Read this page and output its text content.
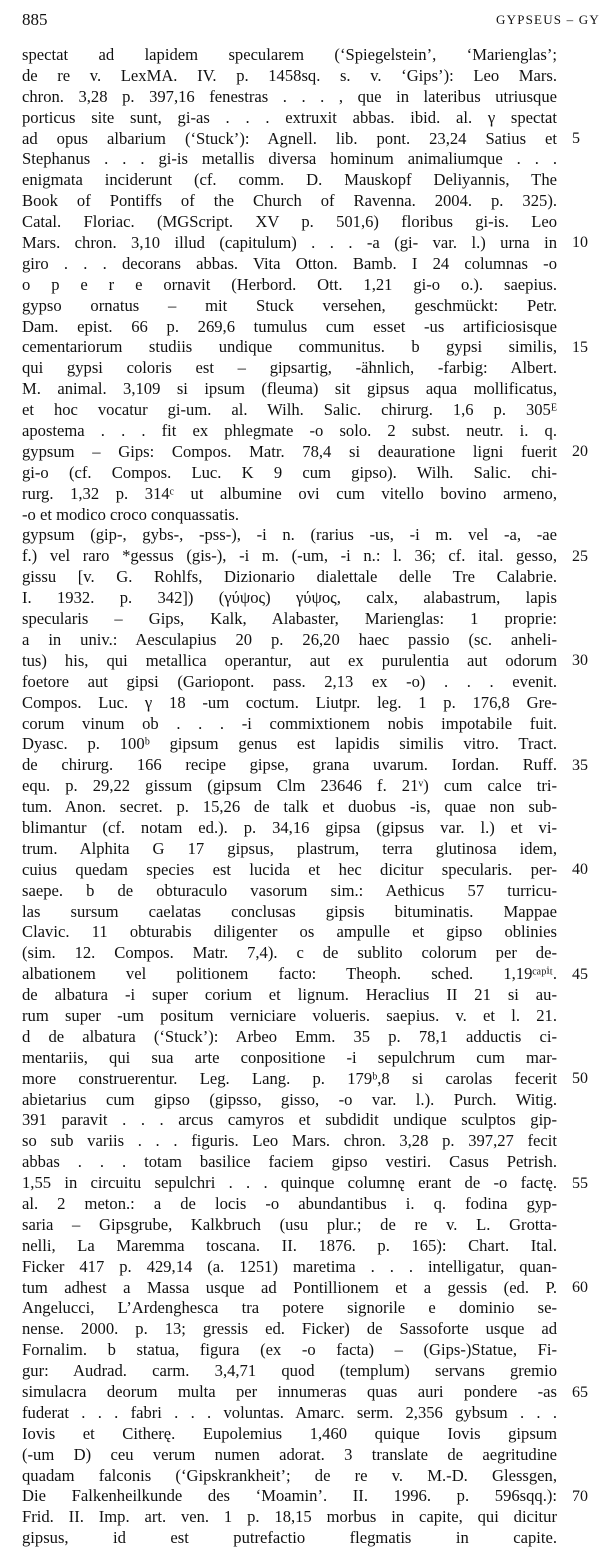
885	GYPSEUS – GY
spectat ad lapidem specularem (‘Spiegelstein’, ‘Marienglas’;
de re v. LexMA. IV. p. 1458sq. s. v. ‘Gips’): Leo Mars.
chron. 3,28 p. 397,16 fenestras . . . , que in lateribus utriusque
porticus site sunt, gi-as . . . extruxit abbas. ibid. al. γ spectat
ad opus albarium (‘Stuck’): Agnell. lib. pont. 23,24 Satius et
Stephanus . . . gi-is metallis diversa hominum animaliumque . . .
enigmata inciderunt (cf. comm. D. Mauskopf Deliyannis, The
Book of Pontiffs of the Church of Ravenna. 2004. p. 325).
Catal. Floriac. (MGScript. XV p. 501,6) floribus gi-is. Leo
Mars. chron. 3,10 illud (capitulum) . . . -a (gi- var. l.) urna in
giro . . . decorans abbas. Vita Otton. Bamb. I 24 columnas -o
o p e r e ornavit (Herbord. Ott. 1,21 gi-o o.). saepius.
gypso ornatus – mit Stuck versehen, geschmückt: Petr.
Dam. epist. 66 p. 269,6 tumulus cum esset -us artificiosisque
cementariorum studiis undique communitus. b gypsi similis,
qui gypsi coloris est – gipsartig, -ähnlich, -farbig: Albert.
M. animal. 3,109 si ipsum (fleuma) sit gipsus aqua mollificatus,
et hoc vocatur gi-um. al. Wilh. Salic. chirurg. 1,6 p. 305ᴱ
apostema . . . fit ex phlegmate -o solo. 2 subst. neutr. i. q.
gypsum – Gips: Compos. Matr. 78,4 si deauratione ligni fuerit
gi-o (cf. Compos. Luc. K 9 cum gipso). Wilh. Salic. chi-
rurg. 1,32 p. 314ᶜ ut albumine ovi cum vitello bovino armeno,
-o et modico croco conquassatis.
gypsum (gip-, gybs-, -pss-), -i n. (rarius -us, -i m. vel -a, -ae
f.) vel raro *gessus (gis-), -i m. (-um, -i n.: l. 36; cf. ital. gesso,
gissu [v. G. Rohlfs, Dizionario dialettale delle Tre Calabrie.
I. 1932. p. 342]) (γύψος) γύψος, calx, alabastrum, lapis
specularis – Gips, Kalk, Alabaster, Marienglas: 1 proprie:
a in univ.: Aesculapius 20 p. 26,20 haec passio (sc. anheli-
tus) his, qui metallica operantur, aut ex purulentia aut odorum
foetore aut gipsi (Gariopont. pass. 2,13 ex -o) . . . evenit.
Compos. Luc. γ 18 -um coctum. Liutpr. leg. 1 p. 176,8 Gre-
corum vinum ob . . . -i commixtionem nobis impotabile fuit.
Dyasc. p. 100ᵇ gipsum genus est lapidis similis vitro. Tract.
de chirurg. 166 recipe gipse, grana uvarum. Iordan. Ruff.
equ. p. 29,22 gissum (gipsum Clm 23646 f. 21ᵛ) cum calce tri-
tum. Anon. secret. p. 15,26 de talk et duobus -is, quae non sub-
blimantur (cf. notam ed.). p. 34,16 gipsa (gipsus var. l.) et vi-
trum. Alphita G 17 gipsus, plastrum, terra glutinosa idem,
cuius quedam species est lucida et hec dicitur specularis. per-
saepe. b de obturaculo vasorum sim.: Aethicus 57 turricu-
las sursum caelatas conclusas gipsis bituminatis. Mappae
Clavic. 11 obturabis diligenter os ampulle et gipso oblinies
(sim. 12. Compos. Matr. 7,4). c de sublito colorum per de-
albationem vel politionem facto: Theoph. sched. 1,19ᶜᵃᵖⁱᵗ.
de albatura -i super corium et lignum. Heraclius II 21 si au-
rum super -um positum verniciare volueris. saepius. v. et l. 21.
d de albatura (‘Stuck’): Arbeo Emm. 35 p. 78,1 adductis ci-
mentariis, qui sua arte conpositione -i sepulchrum cum mar-
more construerentur. Leg. Lang. p. 179ᵇ,8 si carolas fecerit
abietarius cum gipso (gipsso, gisso, -o var. l.). Purch. Witig.
391 paravit . . . arcus camyros et subdidit undique sculptos gip-
so sub variis . . . figuris. Leo Mars. chron. 3,28 p. 397,27 fecit
abbas . . . totam basilice faciem gipso vestiri. Casus Petrish.
1,55 in circuitu sepulchri . . . quinque columnę erant de -o factę.
al. 2 meton.: a de locis -o abundantibus i. q. fodina gyp-
saria – Gipsgrube, Kalkbruch (usu plur.; de re v. L. Grotta-
nelli, La Maremma toscana. II. 1876. p. 165): Chart. Ital.
Ficker 417 p. 429,14 (a. 1251) maretima . . . intelligatur, quan-
tum adhest a Massa usque ad Pontillionem et a gessis (ed. P.
Angelucci, L’Ardenghesca tra potere signorile e dominio se-
nense. 2000. p. 13; gressis ed. Ficker) de Sassoforte usque ad
Fornalim. b statua, figura (ex -o facta) – (Gips-)Statue, Fi-
gur: Audrad. carm. 3,4,71 quod (templum) servans gremio
simulacra deorum multa per innumeras quas auri pondere -as
fuderat . . . fabri . . . voluntas. Amarc. serm. 2,356 gybsum . . .
Iovis et Citherę. Eupolemius 1,460 quique Iovis gipsum
(-um D) ceu verum numen adorat. 3 translate de aegritudine
quadam falconis (‘Gipskrankheit’; de re v. M.-D. Glessgen,
Die Falkenheilkunde des ‘Moamin’. II. 1996. p. 596sqq.):
Frid. II. Imp. art. ven. 1 p. 18,15 morbus in capite, qui dicitur
gipsus, id est putrefactio flegmatis in capite.
5
10
15
20
25
30
35
40
45
50
55
60
65
70
